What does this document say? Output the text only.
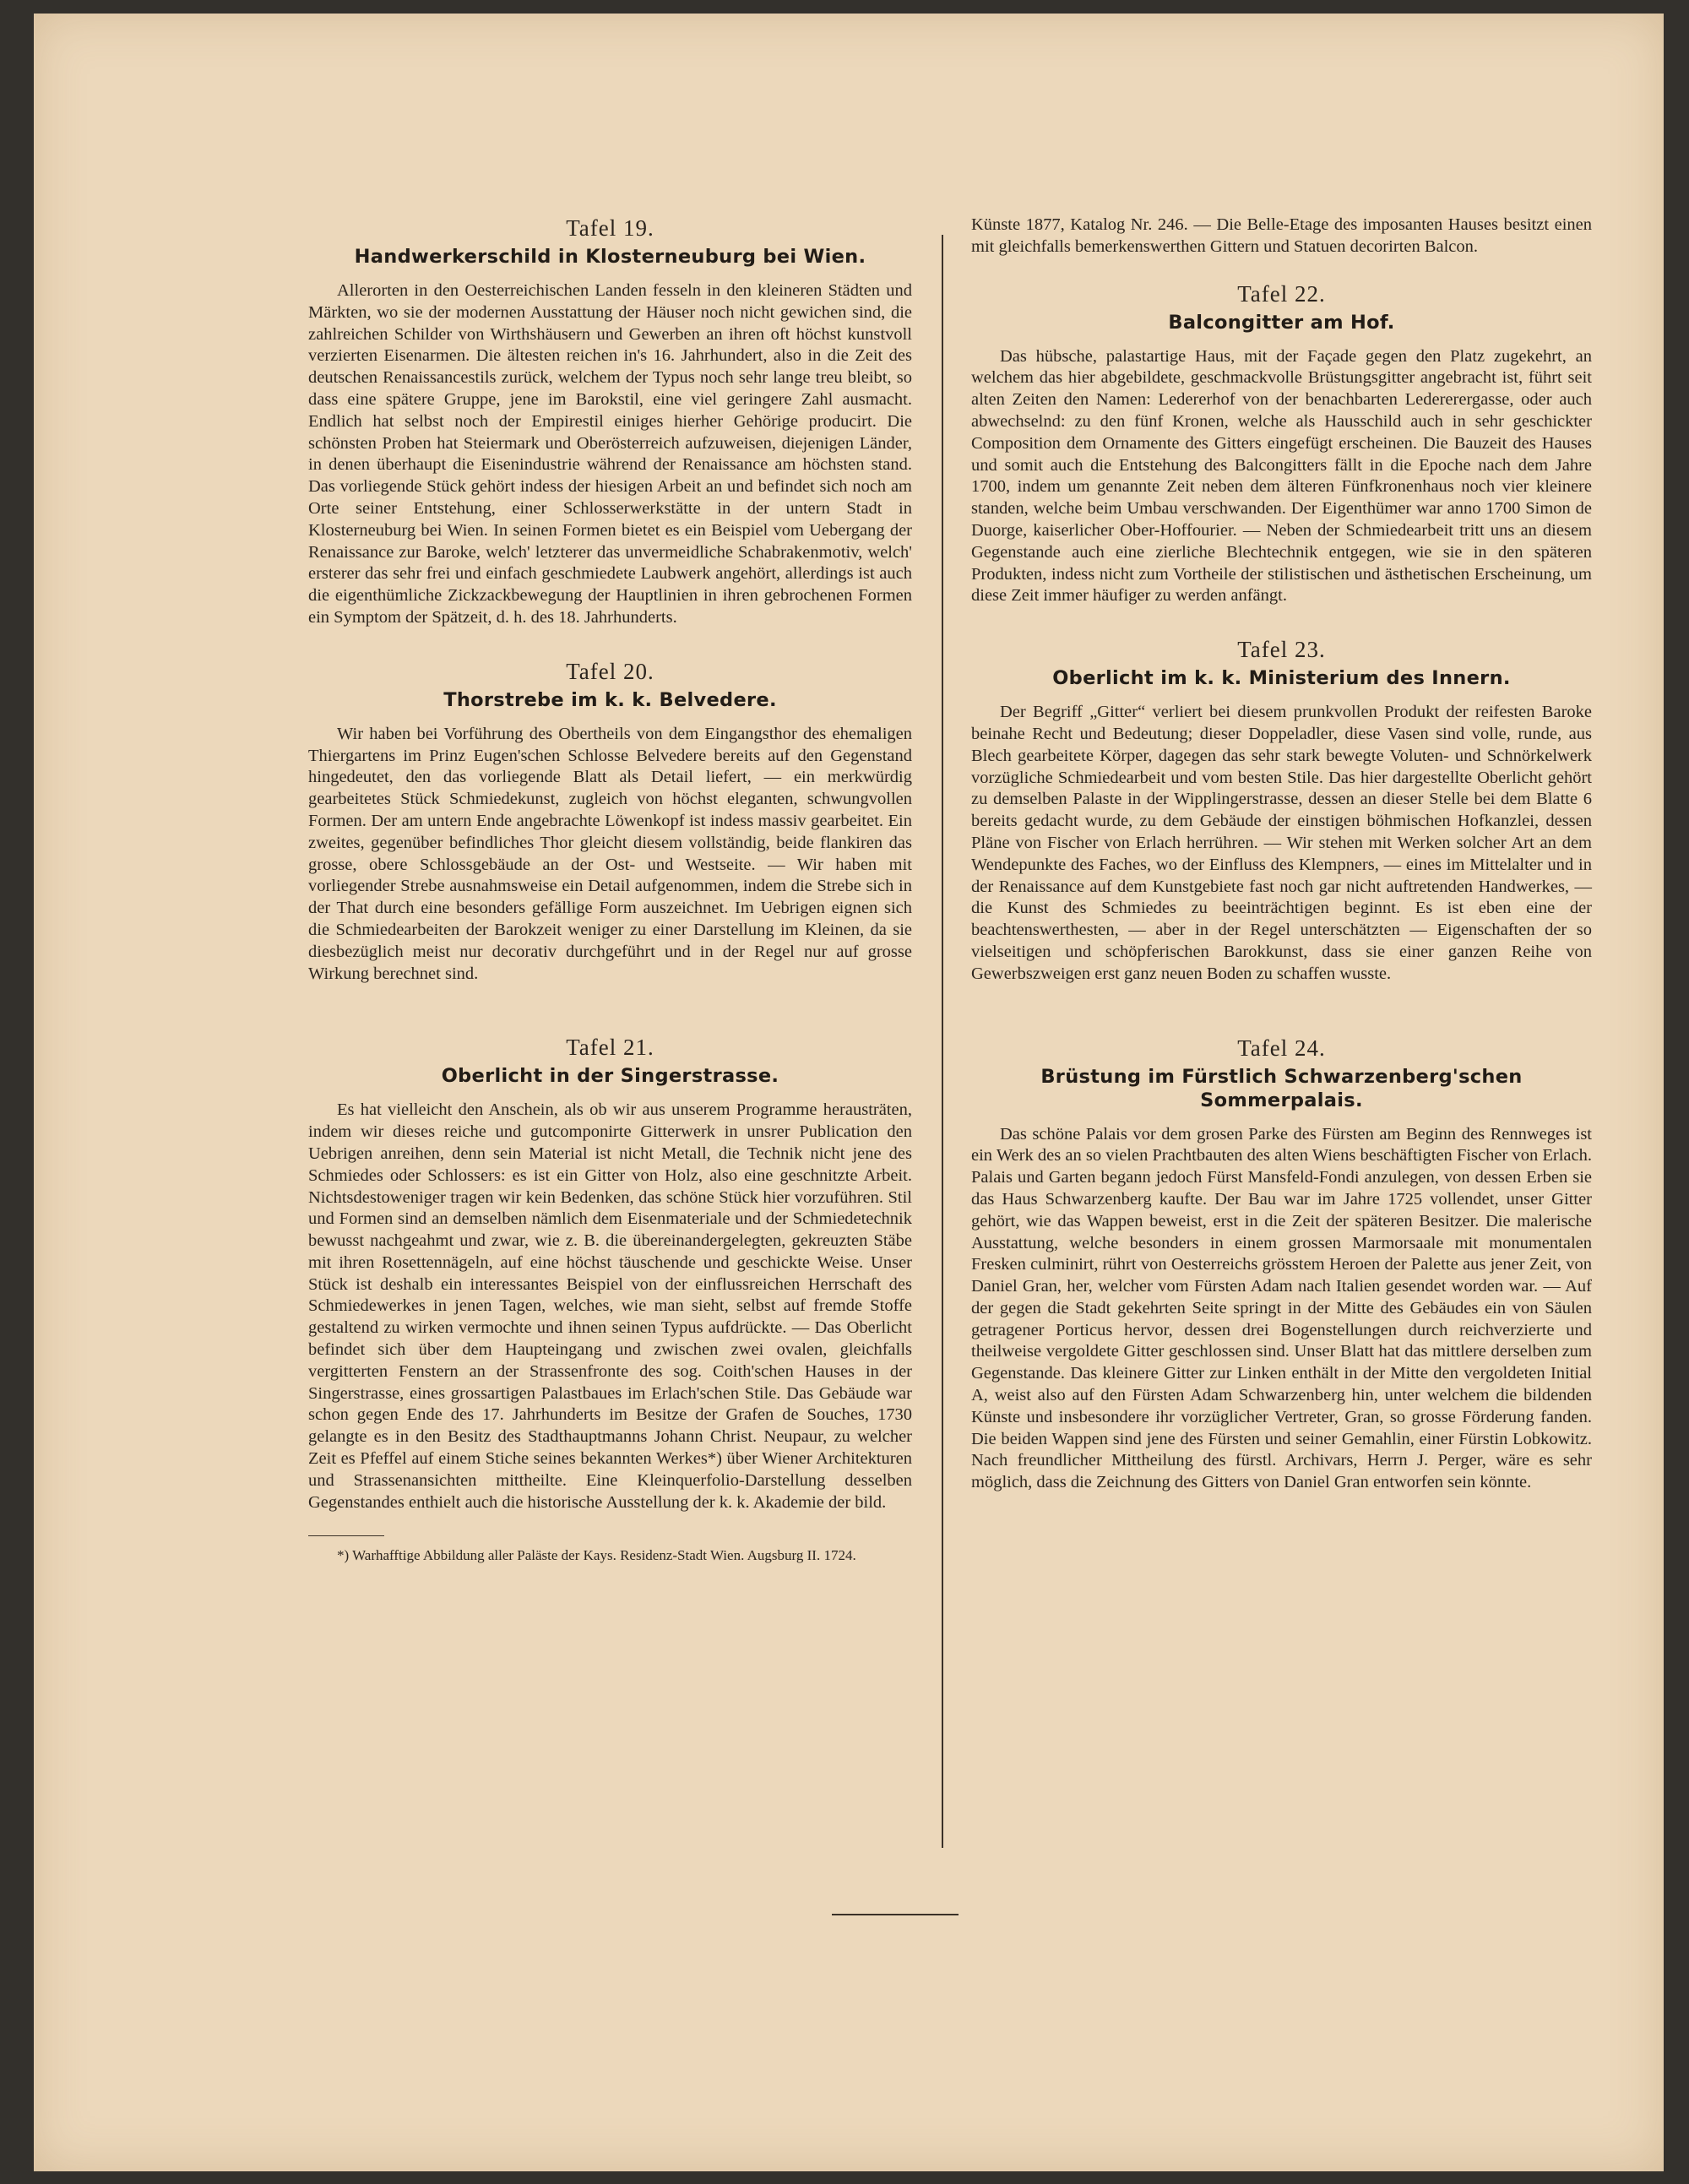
Tafel 19.
Handwerkerschild in Klosterneuburg bei Wien.

Allerorten in den Oesterreichischen Landen fesseln in den kleineren Städten und Märkten, wo sie der modernen Ausstattung der Häuser noch nicht gewichen sind, die zahlreichen Schilder von Wirthshäusern und Gewerben an ihren oft höchst kunstvoll verzierten Eisenarmen. Die ältesten reichen in's 16. Jahrhundert, also in die Zeit des deutschen Renaissancestils zurück, welchem der Typus noch sehr lange treu bleibt, so dass eine spätere Gruppe, jene im Barokstil, eine viel geringere Zahl ausmacht. Endlich hat selbst noch der Empirestil einiges hierher Gehörige producirt. Die schönsten Proben hat Steiermark und Oberösterreich aufzuweisen, diejenigen Länder, in denen überhaupt die Eisenindustrie während der Renaissance am höchsten stand. Das vorliegende Stück gehört indess der hiesigen Arbeit an und befindet sich noch am Orte seiner Entstehung, einer Schlosserwerkstätte in der untern Stadt in Klosterneuburg bei Wien. In seinen Formen bietet es ein Beispiel vom Uebergang der Renaissance zur Baroke, welch' letzterer das unvermeidliche Schabrakenmotiv, welch' ersterer das sehr frei und einfach geschmiedete Laubwerk angehört, allerdings ist auch die eigenthümliche Zickzackbewegung der Hauptlinien in ihren gebrochenen Formen ein Symptom der Spätzeit, d. h. des 18. Jahrhunderts.

Tafel 20.
Thorstrebe im k. k. Belvedere.

Wir haben bei Vorführung des Obertheils von dem Eingangsthor des ehemaligen Thiergartens im Prinz Eugen'schen Schlosse Belvedere bereits auf den Gegenstand hingedeutet, den das vorliegende Blatt als Detail liefert, — ein merkwürdig gearbeitetes Stück Schmiedekunst, zugleich von höchst eleganten, schwungvollen Formen. Der am untern Ende angebrachte Löwenkopf ist indess massiv gearbeitet. Ein zweites, gegenüber befindliches Thor gleicht diesem vollständig, beide flankiren das grosse, obere Schlossgebäude an der Ost- und Westseite. — Wir haben mit vorliegender Strebe ausnahmsweise ein Detail aufgenommen, indem die Strebe sich in der That durch eine besonders gefällige Form auszeichnet. Im Uebrigen eignen sich die Schmiedearbeiten der Barokzeit weniger zu einer Darstellung im Kleinen, da sie diesbezüglich meist nur decorativ durchgeführt und in der Regel nur auf grosse Wirkung berechnet sind.

Tafel 21.
Oberlicht in der Singerstrasse.

Es hat vielleicht den Anschein, als ob wir aus unserem Programme herausträten, indem wir dieses reiche und gutcomponirte Gitterwerk in unsrer Publication den Uebrigen anreihen, denn sein Material ist nicht Metall, die Technik nicht jene des Schmiedes oder Schlossers: es ist ein Gitter von Holz, also eine geschnitzte Arbeit. Nichtsdestoweniger tragen wir kein Bedenken, das schöne Stück hier vorzuführen. Stil und Formen sind an demselben nämlich dem Eisenmateriale und der Schmiedetechnik bewusst nachgeahmt und zwar, wie z. B. die übereinandergelegten, gekreuzten Stäbe mit ihren Rosettennägeln, auf eine höchst täuschende und geschickte Weise. Unser Stück ist deshalb ein interessantes Beispiel von der einflussreichen Herrschaft des Schmiedewerkes in jenen Tagen, welches, wie man sieht, selbst auf fremde Stoffe gestaltend zu wirken vermochte und ihnen seinen Typus aufdrückte. — Das Oberlicht befindet sich über dem Haupteingang und zwischen zwei ovalen, gleichfalls vergitterten Fenstern an der Strassenfronte des sog. Coith'schen Hauses in der Singerstrasse, eines grossartigen Palastbaues im Erlach'schen Stile. Das Gebäude war schon gegen Ende des 17. Jahrhunderts im Besitze der Grafen de Souches, 1730 gelangte es in den Besitz des Stadthauptmanns Johann Christ. Neupaur, zu welcher Zeit es Pfeffel auf einem Stiche seines bekannten Werkes*) über Wiener Architekturen und Strassenansichten mittheilte. Eine Kleinquerfolio-Darstellung desselben Gegenstandes enthielt auch die historische Ausstellung der k. k. Akademie der bild.

*) Warhafftige Abbildung aller Paläste der Kays. Residenz-Stadt Wien. Augsburg II. 1724.

Künste 1877, Katalog Nr. 246. — Die Belle-Etage des imposanten Hauses besitzt einen mit gleichfalls bemerkenswerthen Gittern und Statuen decorirten Balcon.

Tafel 22.
Balcongitter am Hof.

Das hübsche, palastartige Haus, mit der Façade gegen den Platz zugekehrt, an welchem das hier abgebildete, geschmackvolle Brüstungsgitter angebracht ist, führt seit alten Zeiten den Namen: Ledererhof von der benachbarten Ledererergasse, oder auch abwechselnd: zu den fünf Kronen, welche als Hausschild auch in sehr geschickter Composition dem Ornamente des Gitters eingefügt erscheinen. Die Bauzeit des Hauses und somit auch die Entstehung des Balcongitters fällt in die Epoche nach dem Jahre 1700, indem um genannte Zeit neben dem älteren Fünfkronenhaus noch vier kleinere standen, welche beim Umbau verschwanden. Der Eigenthümer war anno 1700 Simon de Duorge, kaiserlicher Ober-Hoffourier. — Neben der Schmiedearbeit tritt uns an diesem Gegenstande auch eine zierliche Blechtechnik entgegen, wie sie in den späteren Produkten, indess nicht zum Vortheile der stilistischen und ästhetischen Erscheinung, um diese Zeit immer häufiger zu werden anfängt.

Tafel 23.
Oberlicht im k. k. Ministerium des Innern.

Der Begriff „Gitter“ verliert bei diesem prunkvollen Produkt der reifesten Baroke beinahe Recht und Bedeutung; dieser Doppeladler, diese Vasen sind volle, runde, aus Blech gearbeitete Körper, dagegen das sehr stark bewegte Voluten- und Schnörkelwerk vorzügliche Schmiedearbeit und vom besten Stile. Das hier dargestellte Oberlicht gehört zu demselben Palaste in der Wipplingerstrasse, dessen an dieser Stelle bei dem Blatte 6 bereits gedacht wurde, zu dem Gebäude der einstigen böhmischen Hofkanzlei, dessen Pläne von Fischer von Erlach herrühren. — Wir stehen mit Werken solcher Art an dem Wendepunkte des Faches, wo der Einfluss des Klempners, — eines im Mittelalter und in der Renaissance auf dem Kunstgebiete fast noch gar nicht auftretenden Handwerkes, — die Kunst des Schmiedes zu beeinträchtigen beginnt. Es ist eben eine der beachtenswerthesten, — aber in der Regel unterschätzten — Eigenschaften der so vielseitigen und schöpferischen Barokkunst, dass sie einer ganzen Reihe von Gewerbszweigen erst ganz neuen Boden zu schaffen wusste.

Tafel 24.
Brüstung im Fürstlich Schwarzenberg'schen Sommerpalais.

Das schöne Palais vor dem grosen Parke des Fürsten am Beginn des Rennweges ist ein Werk des an so vielen Prachtbauten des alten Wiens beschäftigten Fischer von Erlach. Palais und Garten begann jedoch Fürst Mansfeld-Fondi anzulegen, von dessen Erben sie das Haus Schwarzenberg kaufte. Der Bau war im Jahre 1725 vollendet, unser Gitter gehört, wie das Wappen beweist, erst in die Zeit der späteren Besitzer. Die malerische Ausstattung, welche besonders in einem grossen Marmorsaale mit monumentalen Fresken culminirt, rührt von Oesterreichs grösstem Heroen der Palette aus jener Zeit, von Daniel Gran, her, welcher vom Fürsten Adam nach Italien gesendet worden war. — Auf der gegen die Stadt gekehrten Seite springt in der Mitte des Gebäudes ein von Säulen getragener Porticus hervor, dessen drei Bogenstellungen durch reichverzierte und theilweise vergoldete Gitter geschlossen sind. Unser Blatt hat das mittlere derselben zum Gegenstande. Das kleinere Gitter zur Linken enthält in der Mitte den vergoldeten Initial A, weist also auf den Fürsten Adam Schwarzenberg hin, unter welchem die bildenden Künste und insbesondere ihr vorzüglicher Vertreter, Gran, so grosse Förderung fanden. Die beiden Wappen sind jene des Fürsten und seiner Gemahlin, einer Fürstin Lobkowitz. Nach freundlicher Mittheilung des fürstl. Archivars, Herrn J. Perger, wäre es sehr möglich, dass die Zeichnung des Gitters von Daniel Gran entworfen sein könnte.
